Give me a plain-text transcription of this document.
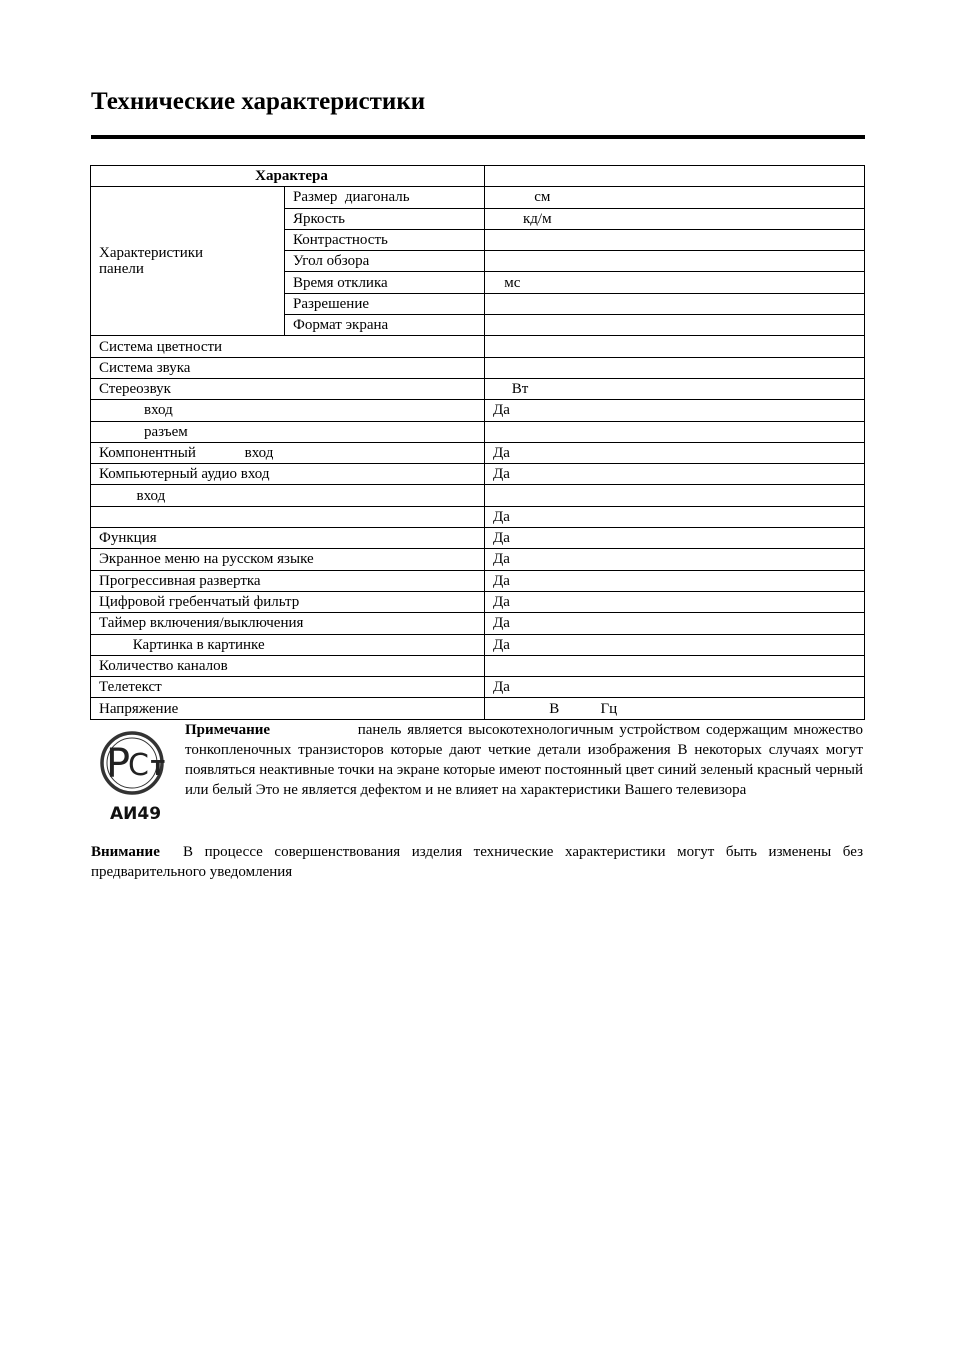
Технические характеристики
Характера		
Характеристики
панели	Размер  диагональ	см
	Яркость	кд/м
	Контрастность	
	Угол обзора	
	Время отклика	мс
	Разрешение	
	Формат экрана	
Система цветности		
Система звука		
Стереозвук		Вт
вход		Да
разъем		
Компонентный             вход		Да
Компьютерный аудио вход		Да
вход		
		Да
Функция		Да
Экранное меню на русском языке		Да
Прогрессивная развертка		Да
Цифровой гребенчатый фильтр		Да
Таймер включения/выключения		Да
Картинка в картинке		Да
Количество каналов		
Телетекст		Да
Напряжение		В           Гц
P
C T
АИ49

Примечание	панель является высокотехнологичным устройством содержащим множество тонкопленочных транзисторов которые дают четкие детали изображения В некоторых случаях могут появляться неактивные точки на экране которые имеют постоянный цвет синий зеленый красный черный или белый Это не является дефектом и не влияет на характеристики Вашего телевизора

Внимание В процессе совершенствования изделия технические характеристики могут быть изменены без предварительного уведомления
